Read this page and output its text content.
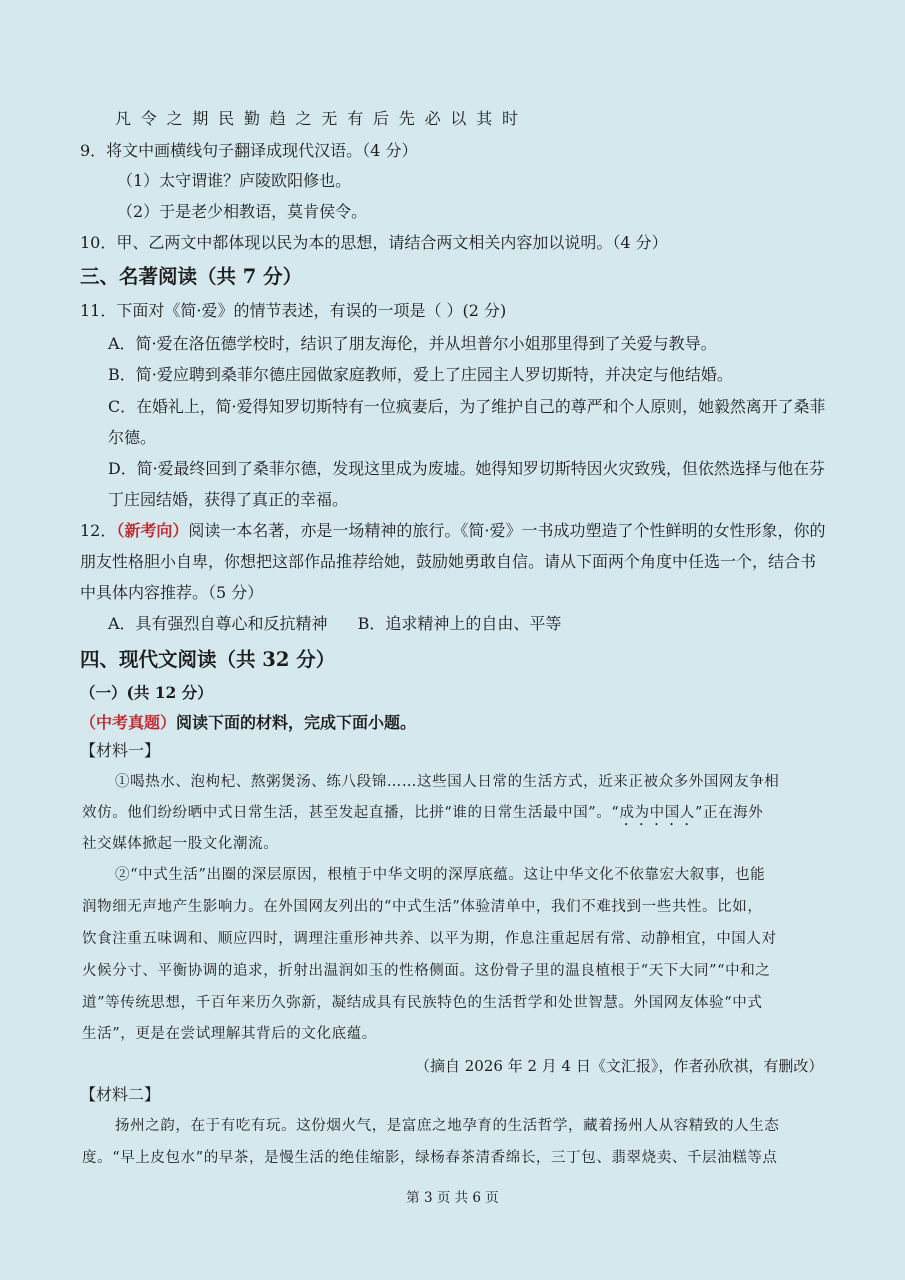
凡令之期民勤趋之无有后先必以其时
9．将文中画横线句子翻译成现代汉语。（4 分）
（1）太守谓谁？庐陵欧阳修也。
（2）于是老少相教语，莫肯侯令。
10．甲、乙两文中都体现以民为本的思想，请结合两文相关内容加以说明。（4 分）
三、名著阅读（共 7 分）
11．下面对《简·爱》的情节表述，有误的一项是（ ）(2 分)
A．简·爱在洛伍德学校时，结识了朋友海伦，并从坦普尔小姐那里得到了关爱与教导。
B．简·爱应聘到桑菲尔德庄园做家庭教师，爱上了庄园主人罗切斯特，并决定与他结婚。
C．在婚礼上，简·爱得知罗切斯特有一位疯妻后，为了维护自己的尊严和个人原则，她毅然离开了桑菲
尔德。
D．简·爱最终回到了桑菲尔德，发现这里成为废墟。她得知罗切斯特因火灾致残，但依然选择与他在芬
丁庄园结婚，获得了真正的幸福。
12．（新考向）阅读一本名著，亦是一场精神的旅行。《简·爱》一书成功塑造了个性鲜明的女性形象，你的
朋友性格胆小自卑，你想把这部作品推荐给她，鼓励她勇敢自信。请从下面两个角度中任选一个，结合书
中具体内容推荐。（5 分）
A．具有强烈自尊心和反抗精神 B．追求精神上的自由、平等
四、现代文阅读（共 32 分）
（一）(共 12 分）
（中考真题）阅读下面的材料，完成下面小题。
【材料一】
①喝热水、泡枸杞、熬粥煲汤、练八段锦……这些国人日常的生活方式，近来正被众多外国网友争相
效仿。他们纷纷晒中式日常生活，甚至发起直播，比拼“谁的日常生活最中国”。“成为中国人”正在海外
社交媒体掀起一股文化潮流。
②“中式生活”出圈的深层原因，根植于中华文明的深厚底蕴。这让中华文化不依靠宏大叙事，也能
润物细无声地产生影响力。在外国网友列出的“中式生活”体验清单中，我们不难找到一些共性。比如，
饮食注重五味调和、顺应四时，调理注重形神共养、以平为期，作息注重起居有常、动静相宜，中国人对
火候分寸、平衡协调的追求，折射出温润如玉的性格侧面。这份骨子里的温良植根于“天下大同”“中和之
道”等传统思想，千百年来历久弥新，凝结成具有民族特色的生活哲学和处世智慧。外国网友体验“中式
生活”，更是在尝试理解其背后的文化底蕴。
（摘自 2026 年 2 月 4 日《文汇报》，作者孙欣祺，有删改）
【材料二】
扬州之韵，在于有吃有玩。这份烟火气，是富庶之地孕育的生活哲学，藏着扬州人从容精致的人生态
度。“早上皮包水”的早茶，是慢生活的绝佳缩影，绿杨春茶清香绵长，三丁包、翡翠烧卖、千层油糕等点
第 3 页 共 6 页
